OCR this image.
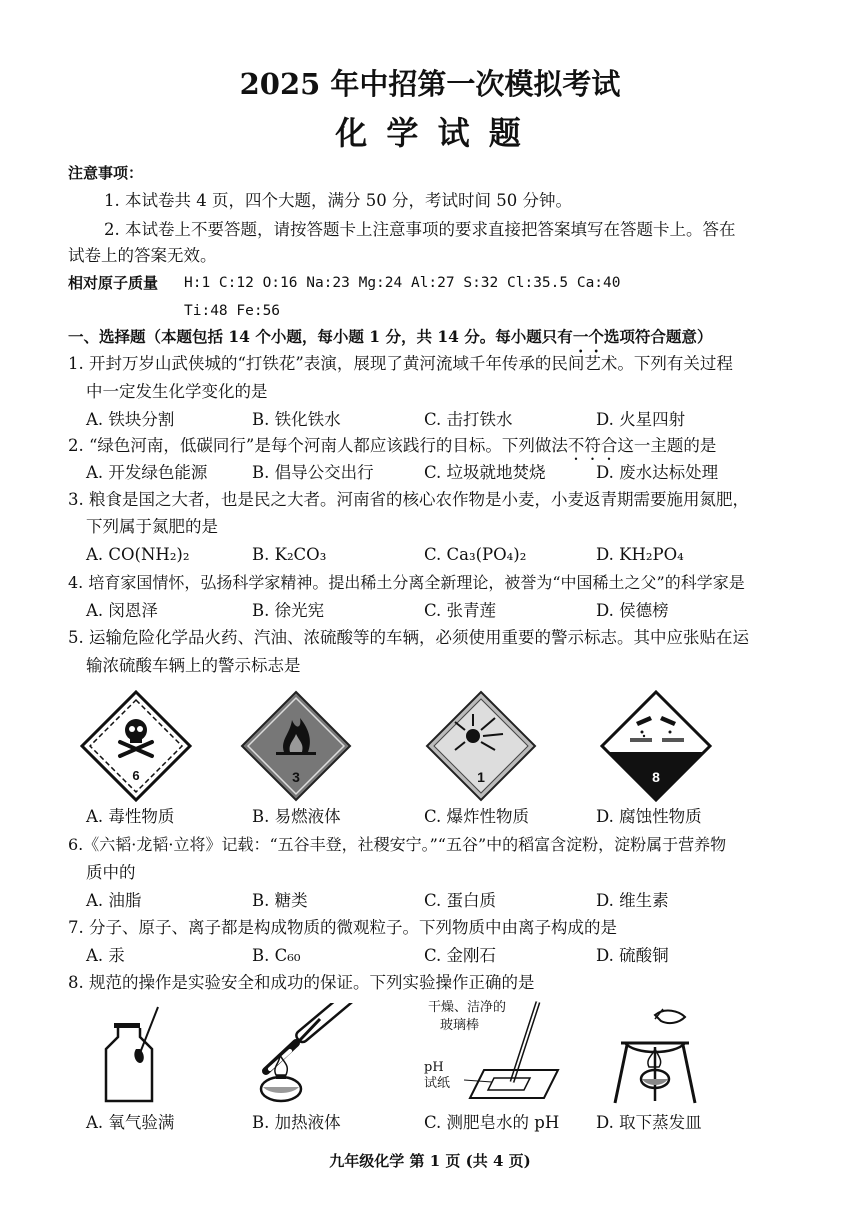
2025 年中招第一次模拟考试
化 学 试 题
注意事项：
1. 本试卷共 4 页，四个大题，满分 50 分，考试时间 50 分钟。
2. 本试卷上不要答题，请按答题卡上注意事项的要求直接把答案填写在答题卡上。答在
试卷上的答案无效。
相对原子质量 H:1 C:12 O:16 Na:23 Mg:24 Al:27 S:32 Cl:35.5 Ca:40
Ti:48 Fe:56
一、选择题（本题包括 14 个小题，每小题 1 分，共 14 分。每小题只有一个选项符合题意）
1. 开封万岁山武侠城的“打铁花”表演，展现了黄河流域千年传承的民间艺术。下列有关过程
中一定发生化学变化的是
A. 铁块分割	B. 铁化铁水	C. 击打铁水	D. 火星四射
2. “绿色河南，低碳同行”是每个河南人都应该践行的目标。下列做法不符合这一主题的是
A. 开发绿色能源	B. 倡导公交出行	C. 垃圾就地焚烧	D. 废水达标处理
3. 粮食是国之大者，也是民之大者。河南省的核心农作物是小麦，小麦返青期需要施用氮肥，
下列属于氮肥的是
A. CO(NH₂)₂	B. K₂CO₃	C. Ca₃(PO₄)₂	D. KH₂PO₄
4. 培育家国情怀，弘扬科学家精神。提出稀土分离全新理论，被誉为“中国稀土之父”的科学家是
A. 闵恩泽	B. 徐光宪	C. 张青莲	D. 侯德榜
5. 运输危险化学品火药、汽油、浓硫酸等的车辆，必须使用重要的警示标志。其中应张贴在运
输浓硫酸车辆上的警示标志是
6	3	1	8
A. 毒性物质	B. 易燃液体	C. 爆炸性物质	D. 腐蚀性物质
6.《六韬·龙韬·立将》记载：“五谷丰登，社稷安宁。”“五谷”中的稻富含淀粉，淀粉属于营养物
质中的
A. 油脂	B. 糖类	C. 蛋白质	D. 维生素
7. 分子、原子、离子都是构成物质的微观粒子。下列物质中由离子构成的是
A. 汞	B. C₆₀	C. 金刚石	D. 硫酸铜
8. 规范的操作是实验安全和成功的保证。下列实验操作正确的是
干燥、洁净的
玻璃棒
pH
试纸
A. 氧气验满	B. 加热液体	C. 测肥皂水的 pH D. 取下蒸发皿
九年级化学 第 1 页 (共 4 页)
